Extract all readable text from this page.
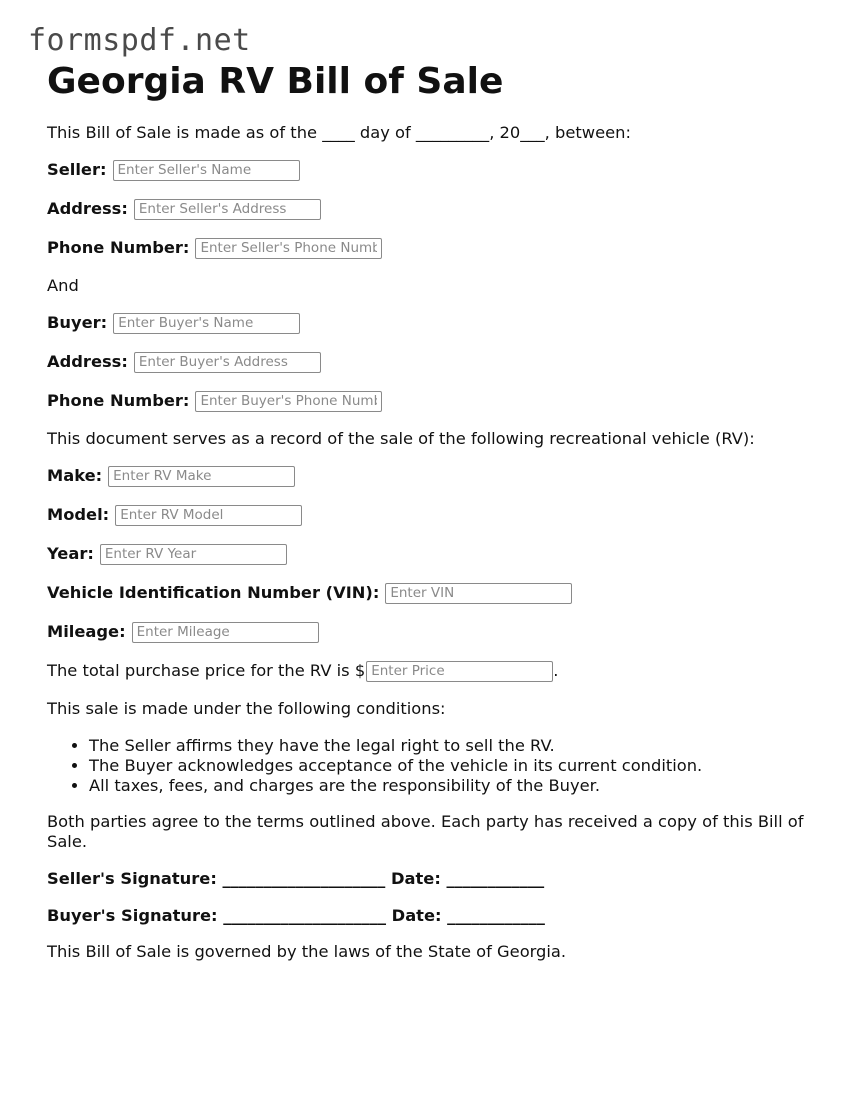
formspdf.net
Georgia RV Bill of Sale

This Bill of Sale is made as of the ____ day of _________, 20___, between:

Seller:
Enter Seller's Name
Address:
Enter Seller's Address
Phone Number:
Enter Seller's Phone Number

And

Buyer:
Enter Buyer's Name
Address:
Enter Buyer's Address
Phone Number:
Enter Buyer's Phone Number

This document serves as a record of the sale of the following recreational vehicle (RV):

Make:
Enter RV Make
Model:
Enter RV Model
Year:
Enter RV Year
Vehicle Identification Number (VIN):
Enter VIN
Mileage:
Enter Mileage
The total purchase price for the RV is $
Enter Price	.

This sale is made under the following conditions:

• The Seller affirms they have the legal right to sell the RV.
• The Buyer acknowledges acceptance of the vehicle in its current condition.
• All taxes, fees, and charges are the responsibility of the Buyer.

Both parties agree to the terms outlined above. Each party has received a copy of this Bill of Sale.

Seller's Signature: ____________________ Date: ____________
Buyer's Signature: ____________________ Date: ____________

This Bill of Sale is governed by the laws of the State of Georgia.
